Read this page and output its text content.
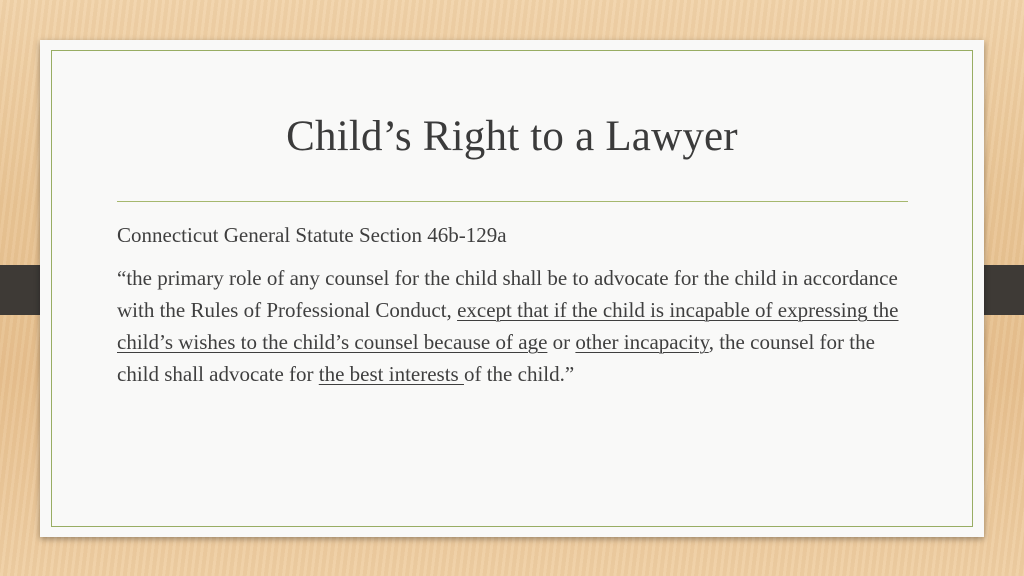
Child’s Right to a Lawyer
Connecticut General Statute Section 46b-129a
“the primary role of any counsel for the child shall be to advocate for the child in accordance with the Rules of Professional Conduct, except that if the child is incapable of expressing the child’s wishes to the child’s counsel because of age or other incapacity, the counsel for the child shall advocate for the best interests of the child.”
